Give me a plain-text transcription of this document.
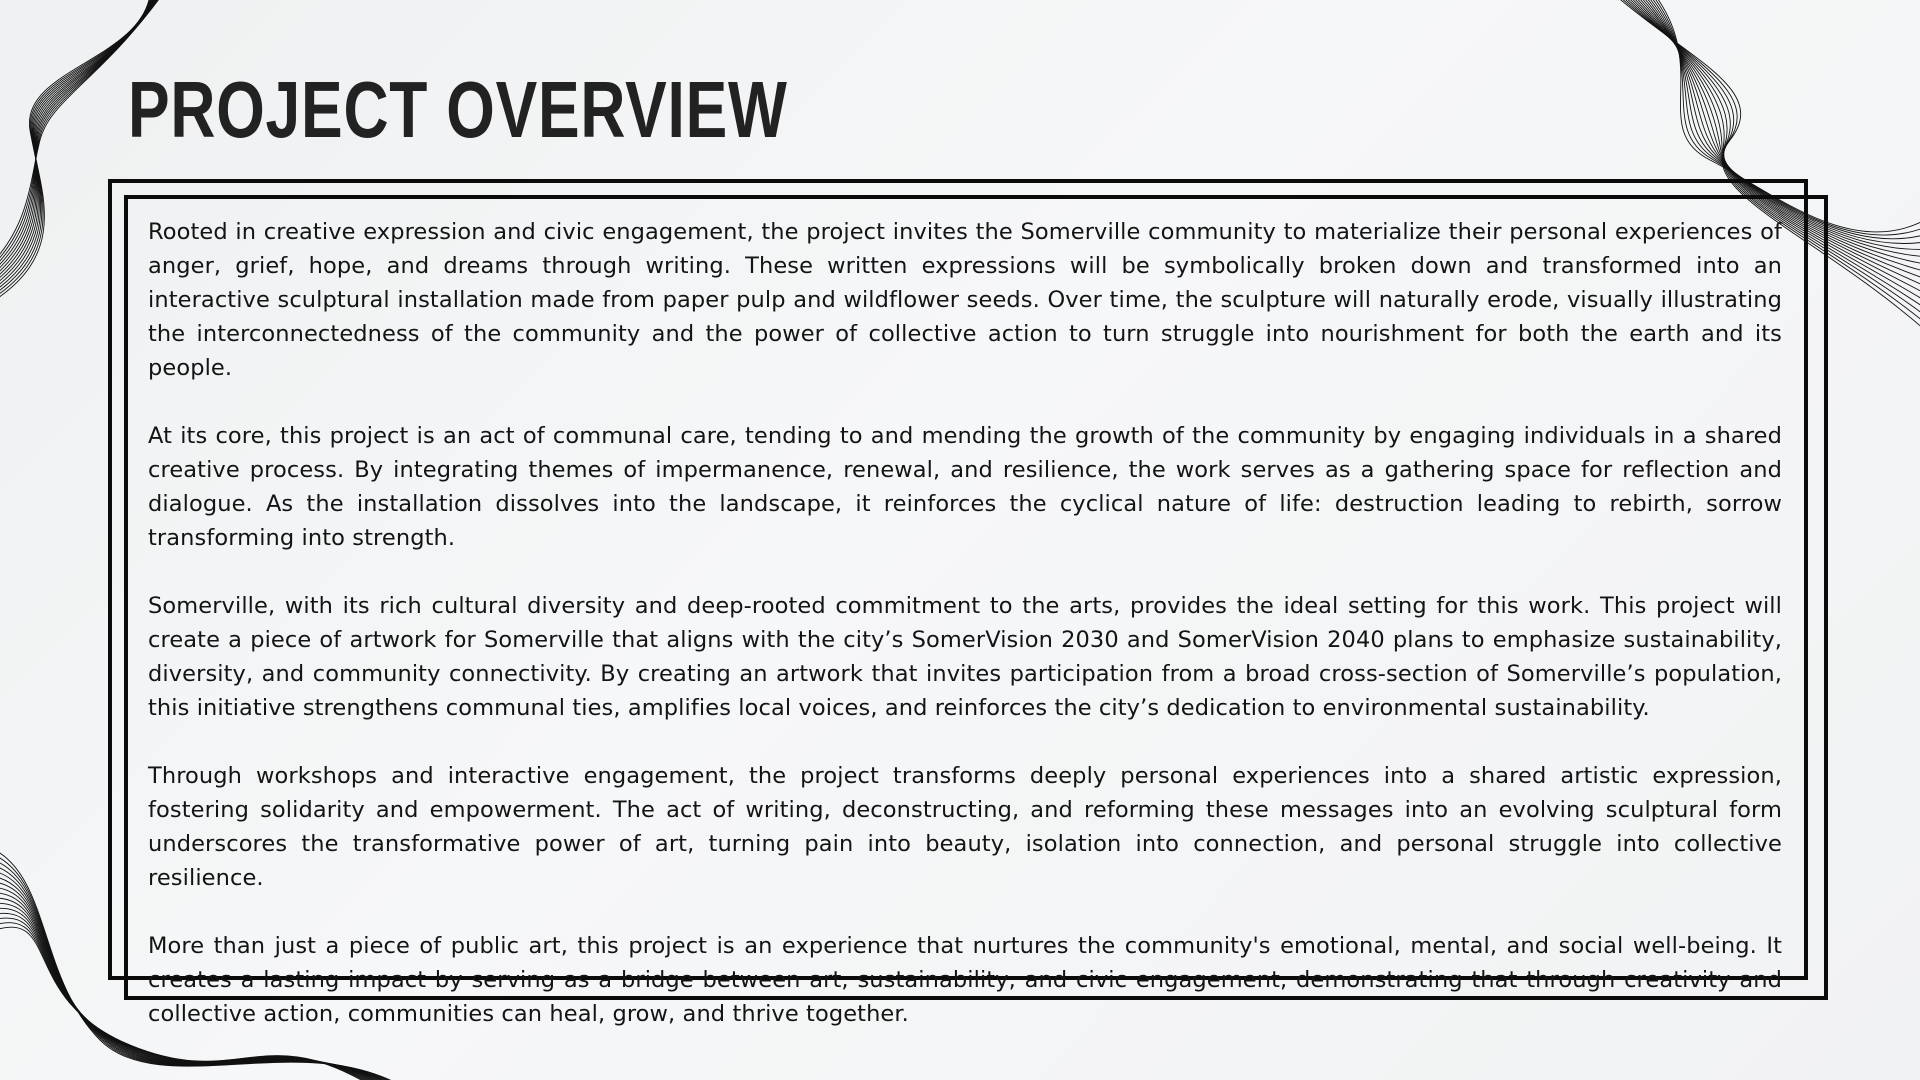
PROJECT OVERVIEW

Rooted in creative expression and civic engagement, the project invites the Somerville community to materialize their personal experiences of anger, grief, hope, and dreams through writing. These written expressions will be symbolically broken down and transformed into an interactive sculptural installation made from paper pulp and wildflower seeds. Over time, the sculpture will naturally erode, visually illustrating the interconnectedness of the community and the power of collective action to turn struggle into nourishment for both the earth and its people.

At its core, this project is an act of communal care, tending to and mending the growth of the community by engaging individuals in a shared creative process. By integrating themes of impermanence, renewal, and resilience, the work serves as a gathering space for reflection and dialogue. As the installation dissolves into the landscape, it reinforces the cyclical nature of life: destruction leading to rebirth, sorrow transforming into strength.

Somerville, with its rich cultural diversity and deep-rooted commitment to the arts, provides the ideal setting for this work. This project will create a piece of artwork for Somerville that aligns with the city’s SomerVision 2030 and SomerVision 2040 plans to emphasize sustainability, diversity, and community connectivity. By creating an artwork that invites participation from a broad cross-section of Somerville’s population, this initiative strengthens communal ties, amplifies local voices, and reinforces the city’s dedication to environmental sustainability.

Through workshops and interactive engagement, the project transforms deeply personal experiences into a shared artistic expression, fostering solidarity and empowerment. The act of writing, deconstructing, and reforming these messages into an evolving sculptural form underscores the transformative power of art, turning pain into beauty, isolation into connection, and personal struggle into collective resilience.

More than just a piece of public art, this project is an experience that nurtures the community's emotional, mental, and social well-being. It creates a lasting impact by serving as a bridge between art, sustainability, and civic engagement, demonstrating that through creativity and collective action, communities can heal, grow, and thrive together.
